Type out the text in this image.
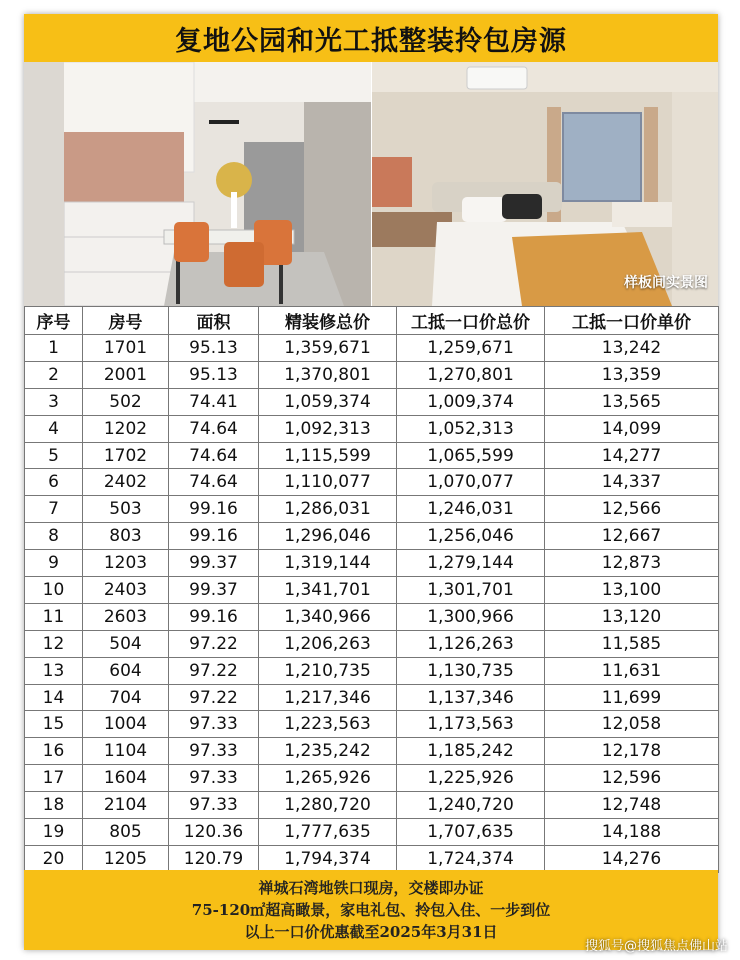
复地公园和光工抵整装拎包房源
样板间实景图
序号	房号	面积	精装修总价	工抵一口价总价	工抵一口价单价
1	1701	95.13	1,359,671	1,259,671	13,242
2	2001	95.13	1,370,801	1,270,801	13,359
3	502	74.41	1,059,374	1,009,374	13,565
4	1202	74.64	1,092,313	1,052,313	14,099
5	1702	74.64	1,115,599	1,065,599	14,277
6	2402	74.64	1,110,077	1,070,077	14,337
7	503	99.16	1,286,031	1,246,031	12,566
8	803	99.16	1,296,046	1,256,046	12,667
9	1203	99.37	1,319,144	1,279,144	12,873
10	2403	99.37	1,341,701	1,301,701	13,100
11	2603	99.16	1,340,966	1,300,966	13,120
12	504	97.22	1,206,263	1,126,263	11,585
13	604	97.22	1,210,735	1,130,735	11,631
14	704	97.22	1,217,346	1,137,346	11,699
15	1004	97.33	1,223,563	1,173,563	12,058
16	1104	97.33	1,235,242	1,185,242	12,178
17	1604	97.33	1,265,926	1,225,926	12,596
18	2104	97.33	1,280,720	1,240,720	12,748
19	805	120.36	1,777,635	1,707,635	14,188
20	1205	120.79	1,794,374	1,724,374	14,276
禅城石湾地铁口现房，交楼即办证
75-120㎡超高瞰景，家电礼包、拎包入住、一步到位
以上一口价优惠截至2025年3月31日
搜狐号@搜狐焦点佛山站
